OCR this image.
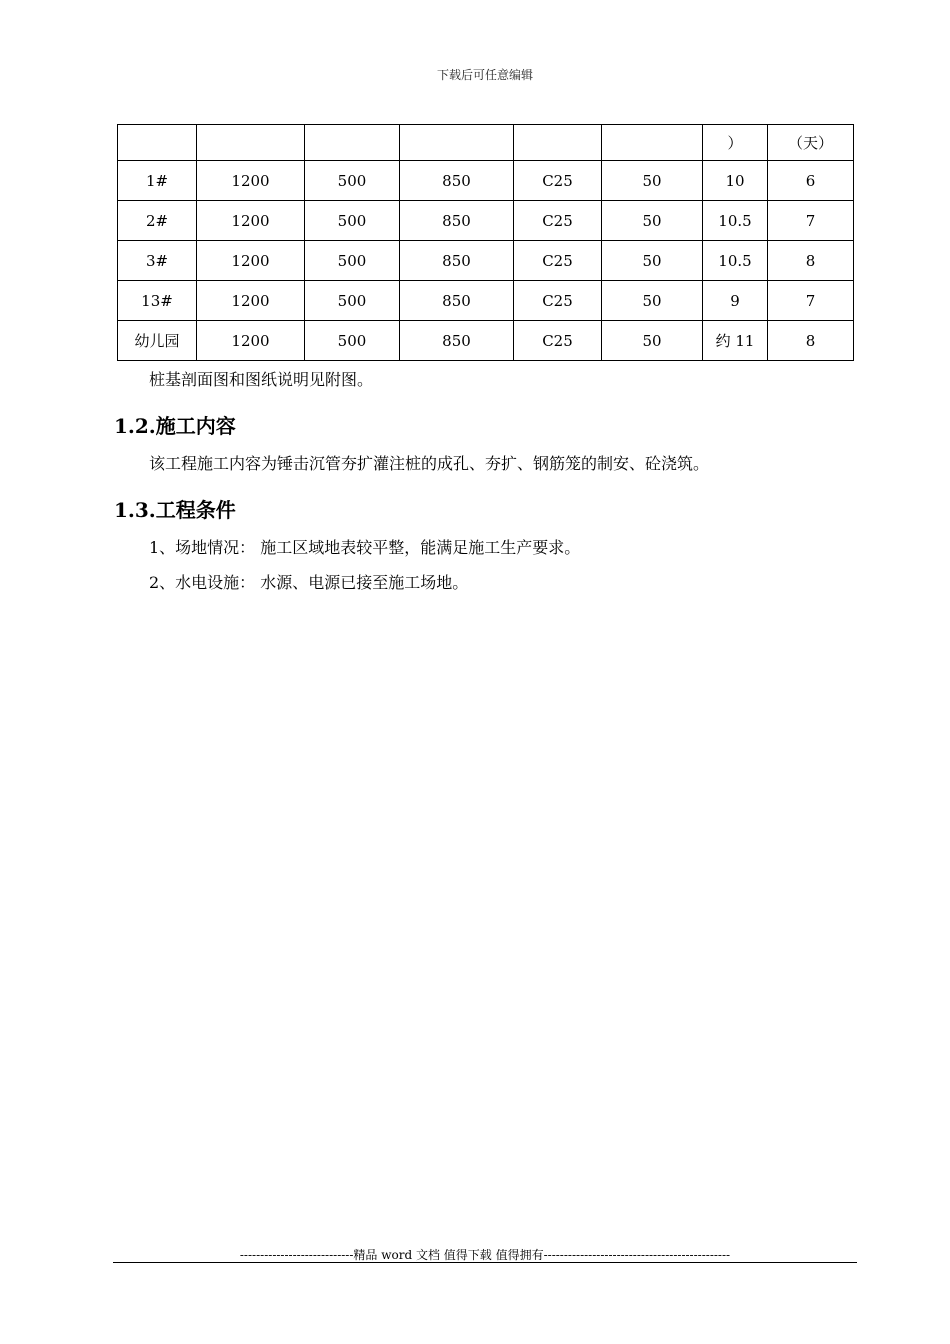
下载后可任意编辑
						）	（天）
1#	1200	500	850	C25	50	10	6
2#	1200	500	850	C25	50	10.5	7
3#	1200	500	850	C25	50	10.5	8
13#	1200	500	850	C25	50	9	7
幼儿园	1200	500	850	C25	50	约 11	8
桩基剖面图和图纸说明见附图。
1.2.施工内容
该工程施工内容为锤击沉管夯扩灌注桩的成孔、夯扩、钢筋笼的制安、砼浇筑。
1.3.工程条件
1、场地情况： 施工区域地表较平整，能满足施工生产要求。
2、水电设施： 水源、电源已接至施工场地。
----------------------------精品 word 文档 值得下载 值得拥有----------------------------------------------
